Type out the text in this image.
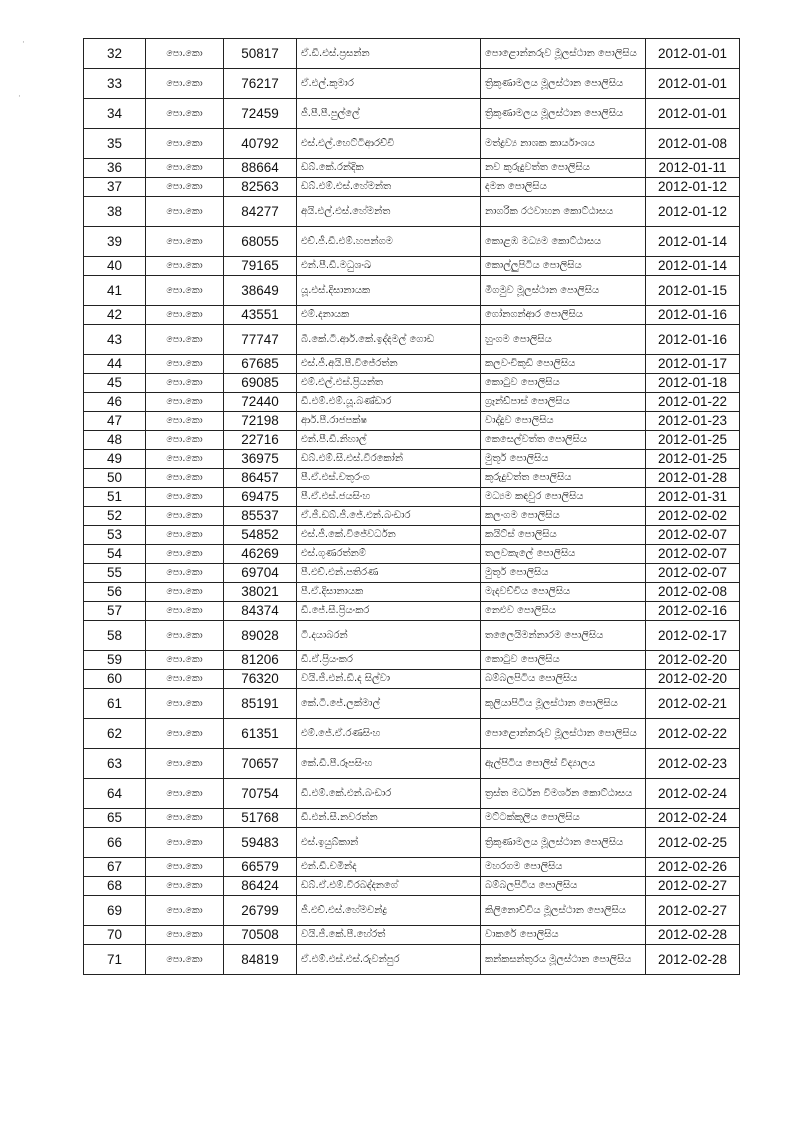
·
·
32	පො.කො	50817	ඒ.ඩී.එස්.ප්‍රසන්න	පොළොන්නරුව මූලස්ථාන පොලිසිය	2012-01-01
33	පො.කො	76217	ඒ.එල්.කුමාර	ත්‍රිකුණාමලය මූලස්ථාන පොලිසිය	2012-01-01
34	පො.කො	72459	ජී.පී.පී.පුල්ලේ	ත්‍රිකුණාමලය මූලස්ථාන පොලිසිය	2012-01-01
35	පො.කො	40792	එස්.එල්.හෙට්ටිආරච්චි	මත්ද්‍රව්‍ය නාශක කාර්යාංශය	2012-01-08
36	පො.කො	88664	ඩබ්.කේ.රන්දික	නව කුරුදුවත්ත පොලිසිය	2012-01-11
37	පො.කො	82563	ඩබ්.එම්.එස්.හේමන්ත	දමන පොලිසිය	2012-01-12
38	පො.කො	84277	අයි.එල්.එස්.හේමන්ත	නාගරික රථවාහන කොට්ඨාසය	2012-01-12
39	පො.කො	68055	එච්.ජී.ඩී.එම්.හපන්ගම	කොළඹ මධ්‍යම කොට්ඨාසය	2012-01-14
40	පො.කො	79165	එන්.පී.ඩී.මධුශංඛ	කොල්ලුපිටිය පොලිසිය	2012-01-14
41	පො.කො	38649	යූ.එස්.දිසානායක	මීගමුව මූලස්ථාන පොලිසිය	2012-01-15
42	පො.කො	43551	එම්.දනායක	ගෝනගන්ආර පොලිසිය	2012-01-16
43	පො.කො	77747	බී.කේ.ටී.ආර්.කේ.ඉද්දමල් ගොඩ	හුංගම පොලිසිය	2012-01-16
44	පො.කො	67685	එස්.ජී.අයි.පී.විජේරත්න	කලවංචිකුඩි පොලිසිය	2012-01-17
45	පො.කො	69085	එම්.එල්.එස්.ප්‍රියන්ත	කොටුව පොලිසිය	2012-01-18
46	පො.කො	72440	ඩී.එම්.එම්.යූ.බණ්ඩාර	ග්‍රෑන්ඩ්පාස් පොලිසිය	2012-01-22
47	පො.කො	72198	ආර්.පී.රාජපක්ෂ	වාද්දුව පොලිසිය	2012-01-23
48	පො.කො	22716	එන්.පී.ඩී.නිහාල්	කෙසෙල්වත්ත පොලිසිය	2012-01-25
49	පො.කො	36975	ඩබ්.එම්.සී.එස්.වීරකෝන්	මුතූර් පොලිසිය	2012-01-25
50	පො.කො	86457	පී.ඒ.එස්.චතුරංග	කුරුදුවත්ත පොලිසිය	2012-01-28
51	පො.කො	69475	පී.ඒ.එස්.ජයසිංහ	මධ්‍යම කඳවුර පොලිසිය	2012-01-31
52	පො.කො	85537	ඒ.ජී.ඩබ්.ජී.ජේ.එන්.බංඩාර	කලංගම පොලිසිය	2012-02-02
53	පො.කො	54852	එස්.ජී.කේ.විජේවර්ධන	කයිට්ස් පොලිසිය	2012-02-07
54	පො.කො	46269	එස්.ගුණරත්නම්	තලවකැලේ පොලිසිය	2012-02-07
55	පො.කො	69704	පී.එච්.එන්.පතිරණ	මුතූර් පොලිසිය	2012-02-07
56	පො.කො	38021	පී.ඒ.දිසානායක	මැදවච්චිය පොලිසිය	2012-02-08
57	පො.කො	84374	ඩී.ජේ.සී.ප්‍රියංකර	නෙළුව පොලිසිය	2012-02-16
58	පො.කො	89028	ටී.දයාබරන්	තලෛයිමන්නාරම පොලිසිය	2012-02-17
59	පො.කො	81206	ඩී.ඒ.ප්‍රියංකර	කොටුව පොලිසිය	2012-02-20
60	පො.කො	76320	වයි.ජී.එන්.ඩී.ද සිල්වා	බම්බලපිටිය පොලිසිය	2012-02-20
61	පො.කො	85191	කේ.ටී.ජේ.ලක්මාල්	කුලියාපිටිය මූලස්ථාන පොලිසිය	2012-02-21
62	පො.කො	61351	එම්.ජේ.ඒ.රණසිංහ	පොළොන්නරුව මූලස්ථාන පොලිසිය	2012-02-22
63	පො.කො	70657	කේ.ඩී.පී.රූපසිංහ	ඇල්පිටිය පොලිස් විද්‍යාලය	2012-02-23
64	පො.කො	70754	ඩී.එම්.කේ.එන්.බංඩාර	ත්‍රස්ත මර්ධන විමර්ශන කොට්ඨාසය	2012-02-24
65	පො.කො	51768	ඩී.එන්.සී.නවරත්න	මට්ටක්කුලිය පොලිසිය	2012-02-24
66	පො.කො	59483	එස්.ඉයුබ්කාන්	ත්‍රිකුණාමලය මූලස්ථාන පොලිසිය	2012-02-25
67	පො.කො	66579	එන්.ඩී.චමින්ද	මහරගම පොලිසිය	2012-02-26
68	පො.කො	86424	ඩබ්.ඒ.එම්.වීරබද්දනගේ	බම්බලපිටිය පොලිසිය	2012-02-27
69	පො.කො	26799	ජී.එච්.එස්.හේමචන්ද්‍ර	කිලිනොච්චිය මූලස්ථාන පොලිසිය	2012-02-27
70	පො.කො	70508	වයි.ජී.කේ.පී.හේරත්	වාකරේ පොලිසිය	2012-02-28
71	පො.කො	84819	ඒ.එම්.එස්.එස්.රුවන්පුර	කන්කසන්තුරය මූලස්ථාන පොලිසිය	2012-02-28
